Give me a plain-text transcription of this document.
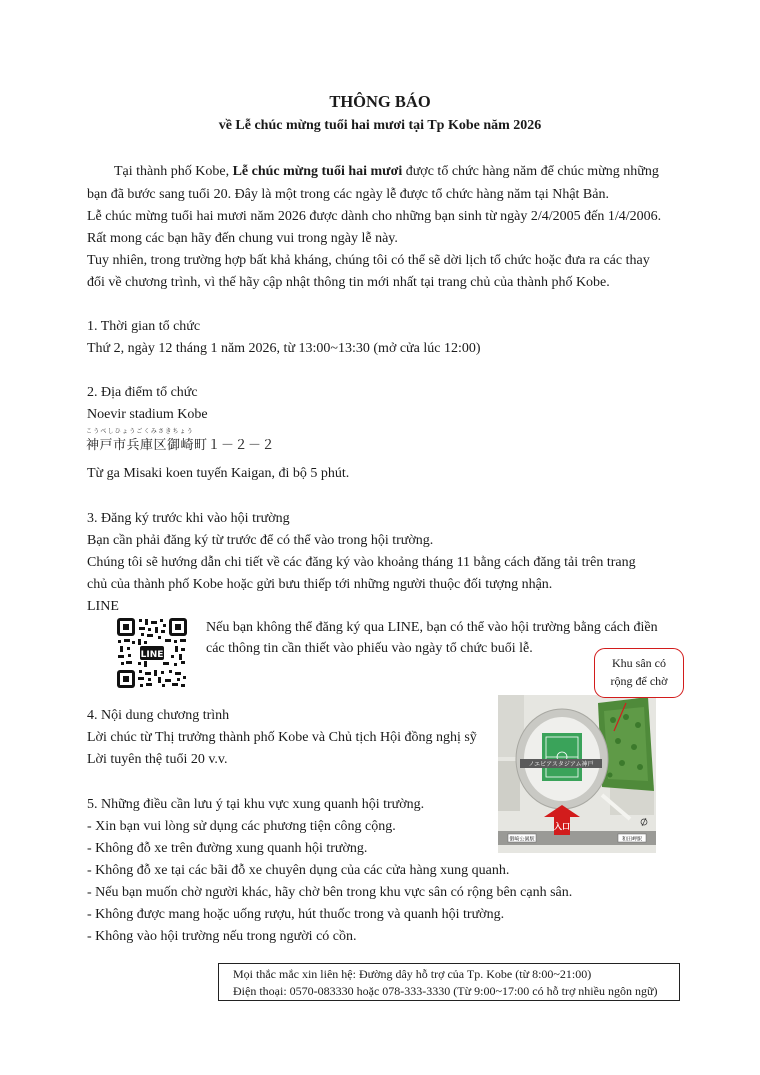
THÔNG BÁO
về Lễ chúc mừng tuổi hai mươi tại Tp Kobe năm 2026
Tại thành phố Kobe, Lễ chúc mừng tuổi hai mươi được tổ chức hàng năm để chúc mừng những
bạn đã bước sang tuổi 20. Đây là một trong các ngày lễ được tổ chức hàng năm tại Nhật Bản.
Lễ chúc mừng tuổi hai mươi năm 2026 được dành cho những bạn sinh từ ngày 2/4/2005 đến 1/4/2006.
Rất mong các bạn hãy đến chung vui trong ngày lễ này.
Tuy nhiên, trong trường hợp bất khả kháng, chúng tôi có thể sẽ dời lịch tổ chức hoặc đưa ra các thay
đổi về chương trình, vì thế hãy cập nhật thông tin mới nhất tại trang chủ của thành phố Kobe.
1. Thời gian tổ chức
Thứ 2, ngày 12 tháng 1 năm 2026, từ 13:00~13:30 (mở cửa lúc 12:00)
2. Địa điểm tổ chức
Noevir stadium Kobe
こうべしひょうごくみさきちょう
神戸市兵庫区御崎町１－２－２
Từ ga Misaki koen tuyến Kaigan, đi bộ 5 phút.
3. Đăng ký trước khi vào hội trường
Bạn cần phải đăng ký từ trước để có thể vào trong hội trường.
Chúng tôi sẽ hướng dẫn chi tiết về các đăng ký vào khoảng tháng 11 bằng cách đăng tải trên trang
chủ của thành phố Kobe hoặc gửi bưu thiếp tới những người thuộc đối tượng nhận.
LINE
LINE
Nếu bạn không thể đăng ký qua LINE, bạn có thể vào hội trường bằng cách điền
các thông tin cần thiết vào phiếu vào ngày tổ chức buổi lễ.
4. Nội dung chương trình
Lời chúc từ Thị trưởng thành phố Kobe và Chủ tịch Hội đồng nghị sỹ
Lời tuyên thệ tuổi 20 v.v.
5. Những điều cần lưu ý tại khu vực xung quanh hội trường.
- Xin bạn vui lòng sử dụng các phương tiện công cộng.
- Không đỗ xe trên đường xung quanh hội trường.
- Không đỗ xe tại các bãi đỗ xe chuyên dụng của các cửa hàng xung quanh.
- Nếu bạn muốn chờ người khác, hãy chờ bên trong khu vực sân có rộng bên cạnh sân.
- Không được mang hoặc uống rượu, hút thuốc trong và quanh hội trường.
- Không vào hội trường nếu trong người có cồn.
ノエビアスタジアム神戸
御崎公園駅	和田岬駅
入口
Khu sân có
rộng để chờ
Mọi thắc mắc xin liên hệ: Đường dây hỗ trợ của Tp. Kobe (từ 8:00~21:00)
Điện thoại: 0570-083330 hoặc 078-333-3330 (Từ 9:00~17:00 có hỗ trợ nhiều ngôn ngữ)
